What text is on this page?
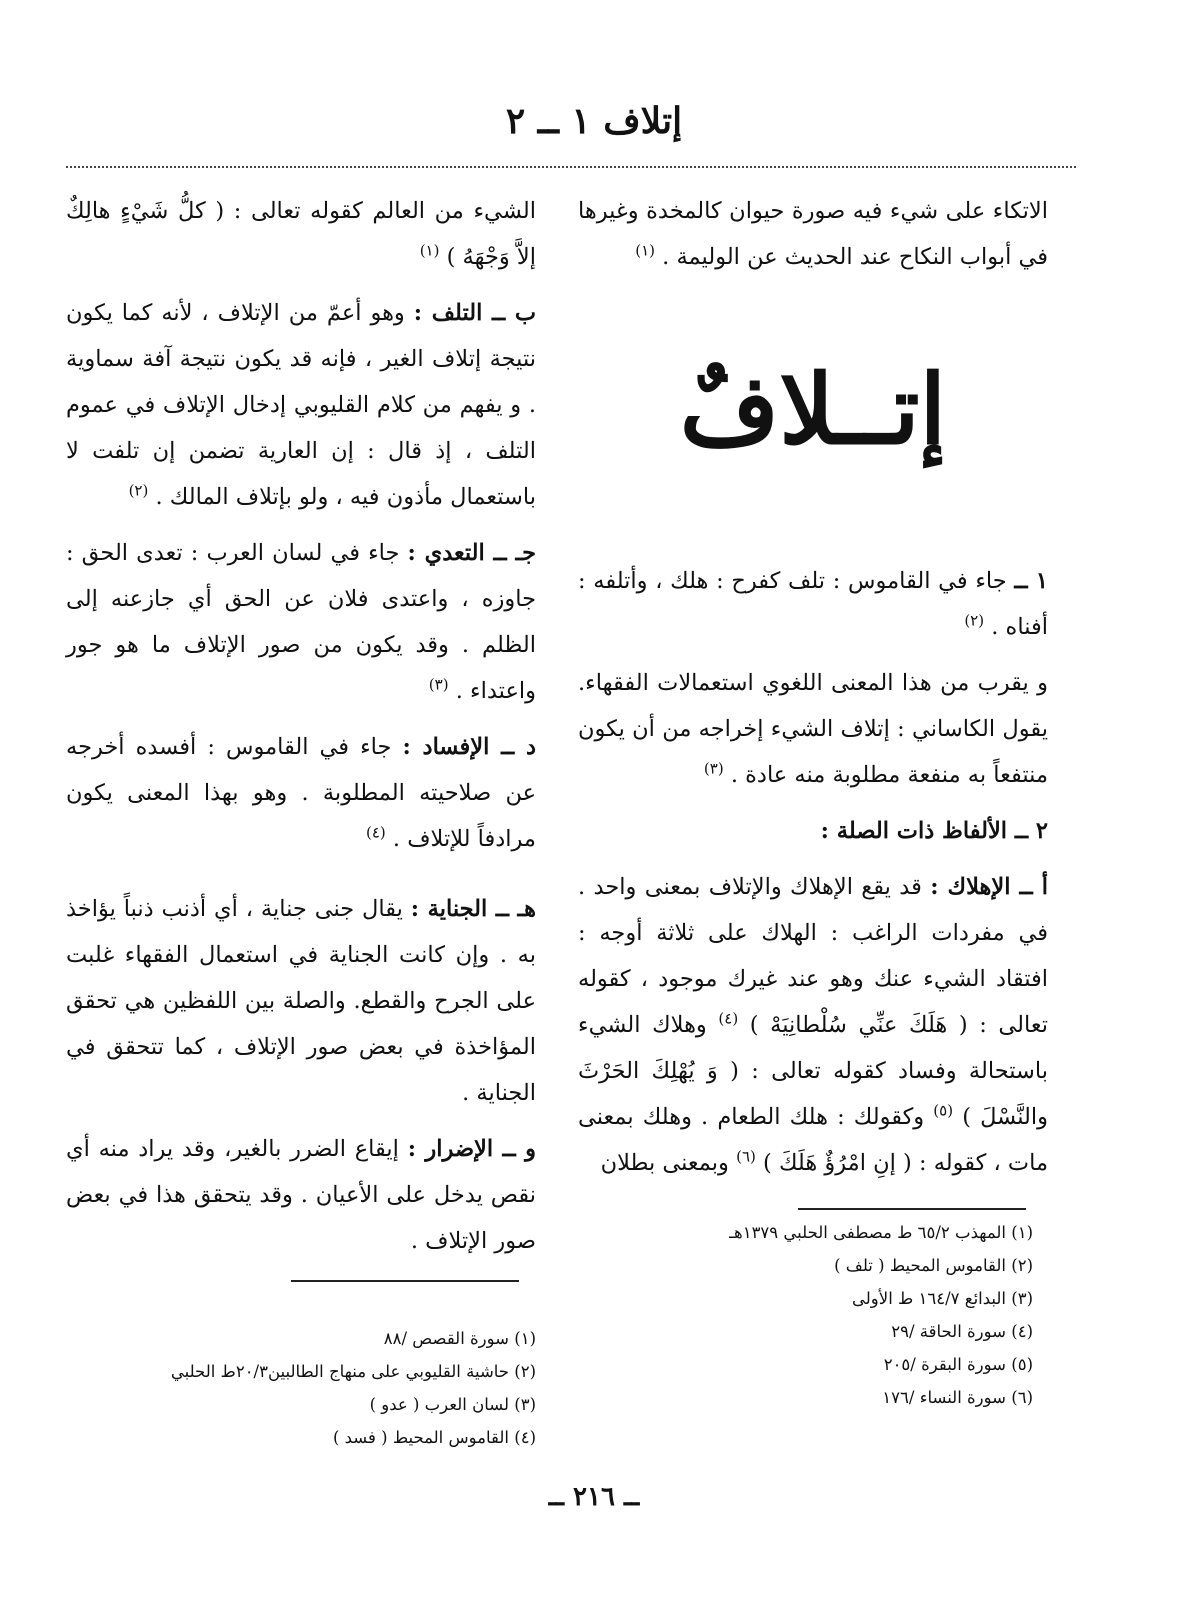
إتلاف ١ ــ ٢

الاتكاء على شيء فيه صورة حيوان كالمخدة وغيرها في أبواب النكاح عند الحديث عن الوليمة . $^{(١)}$

إتــلافٌ

١ ــ جاء في القاموس : تلف كفرح : هلك ، وأتلفه : أفناه . $^{(٢)}$

و يقرب من هذا المعنى اللغوي استعمالات الفقهاء. يقول الكاساني : إتلاف الشيء إخراجه من أن يكون منتفعاً به منفعة مطلوبة منه عادة . $^{(٣)}$

٢ ــ الألفاظ ذات الصلة :

أ ــ الإهلاك : قد يقع الإهلاك والإتلاف بمعنى واحد . في مفردات الراغب : الهلاك على ثلاثة أوجه : افتقاد الشيء عنك وهو عند غيرك موجود ، كقوله تعالى : ( هَلَكَ عنِّي سُلْطانِيَهْ ) $^{(٤)}$ وهلاك الشيء باستحالة وفساد كقوله تعالى : ( وَ يُهْلِكَ الحَرْثَ والنَّسْلَ ) $^{(٥)}$ وكقولك : هلك الطعام . وهلك بمعنى مات ، كقوله : ( إنِ امْرُؤٌ هَلَكَ ) $^{(٦)}$ وبمعنى بطلان

الشيء من العالم كقوله تعالى : ( كلُّ شَيْءٍ هالِكٌ إلاَّ وَجْهَهُ ) $^{(١)}$

ب ــ التلف : وهو أعمّ من الإتلاف ، لأنه كما يكون نتيجة إتلاف الغير ، فإنه قد يكون نتيجة آفة سماوية . و يفهم من كلام القليوبي إدخال الإتلاف في عموم التلف ، إذ قال : إن العارية تضمن إن تلفت لا باستعمال مأذون فيه ، ولو بإتلاف المالك . $^{(٢)}$

جـ ــ التعدي : جاء في لسان العرب : تعدى الحق : جاوزه ، واعتدى فلان عن الحق أي جازعنه إلى الظلم . وقد يكون من صور الإتلاف ما هو جور واعتداء . $^{(٣)}$

د ــ الإفساد : جاء في القاموس : أفسده أخرجه عن صلاحيته المطلوبة . وهو بهذا المعنى يكون مرادفاً للإتلاف . $^{(٤)}$

هـ ــ الجناية : يقال جنى جناية ، أي أذنب ذنباً يؤاخذ به . وإن كانت الجناية في استعمال الفقهاء غلبت على الجرح والقطع. والصلة بين اللفظين هي تحقق المؤاخذة في بعض صور الإتلاف ، كما تتحقق في الجناية .

و ــ الإضرار : إيقاع الضرر بالغير، وقد يراد منه أي نقص يدخل على الأعيان . وقد يتحقق هذا في بعض صور الإتلاف .	(١) المهذب ٦٥/٢ ط مصطفى الحلبي ١٣٧٩هـ
(٢) القاموس المحيط ( تلف )
(٣) البدائع ١٦٤/٧ ط الأولى
(٤) سورة الحاقة /٢٩
(٥) سورة البقرة /٢٠٥
(٦) سورة النساء /١٧٦
(١) سورة القصص /٨٨
(٢) حاشية القليوبي على منهاج الطالبين٢٠/٣ط الحلبي
(٣) لسان العرب ( عدو )
(٤) القاموس المحيط ( فسد )
ــ ٢١٦ ــ
